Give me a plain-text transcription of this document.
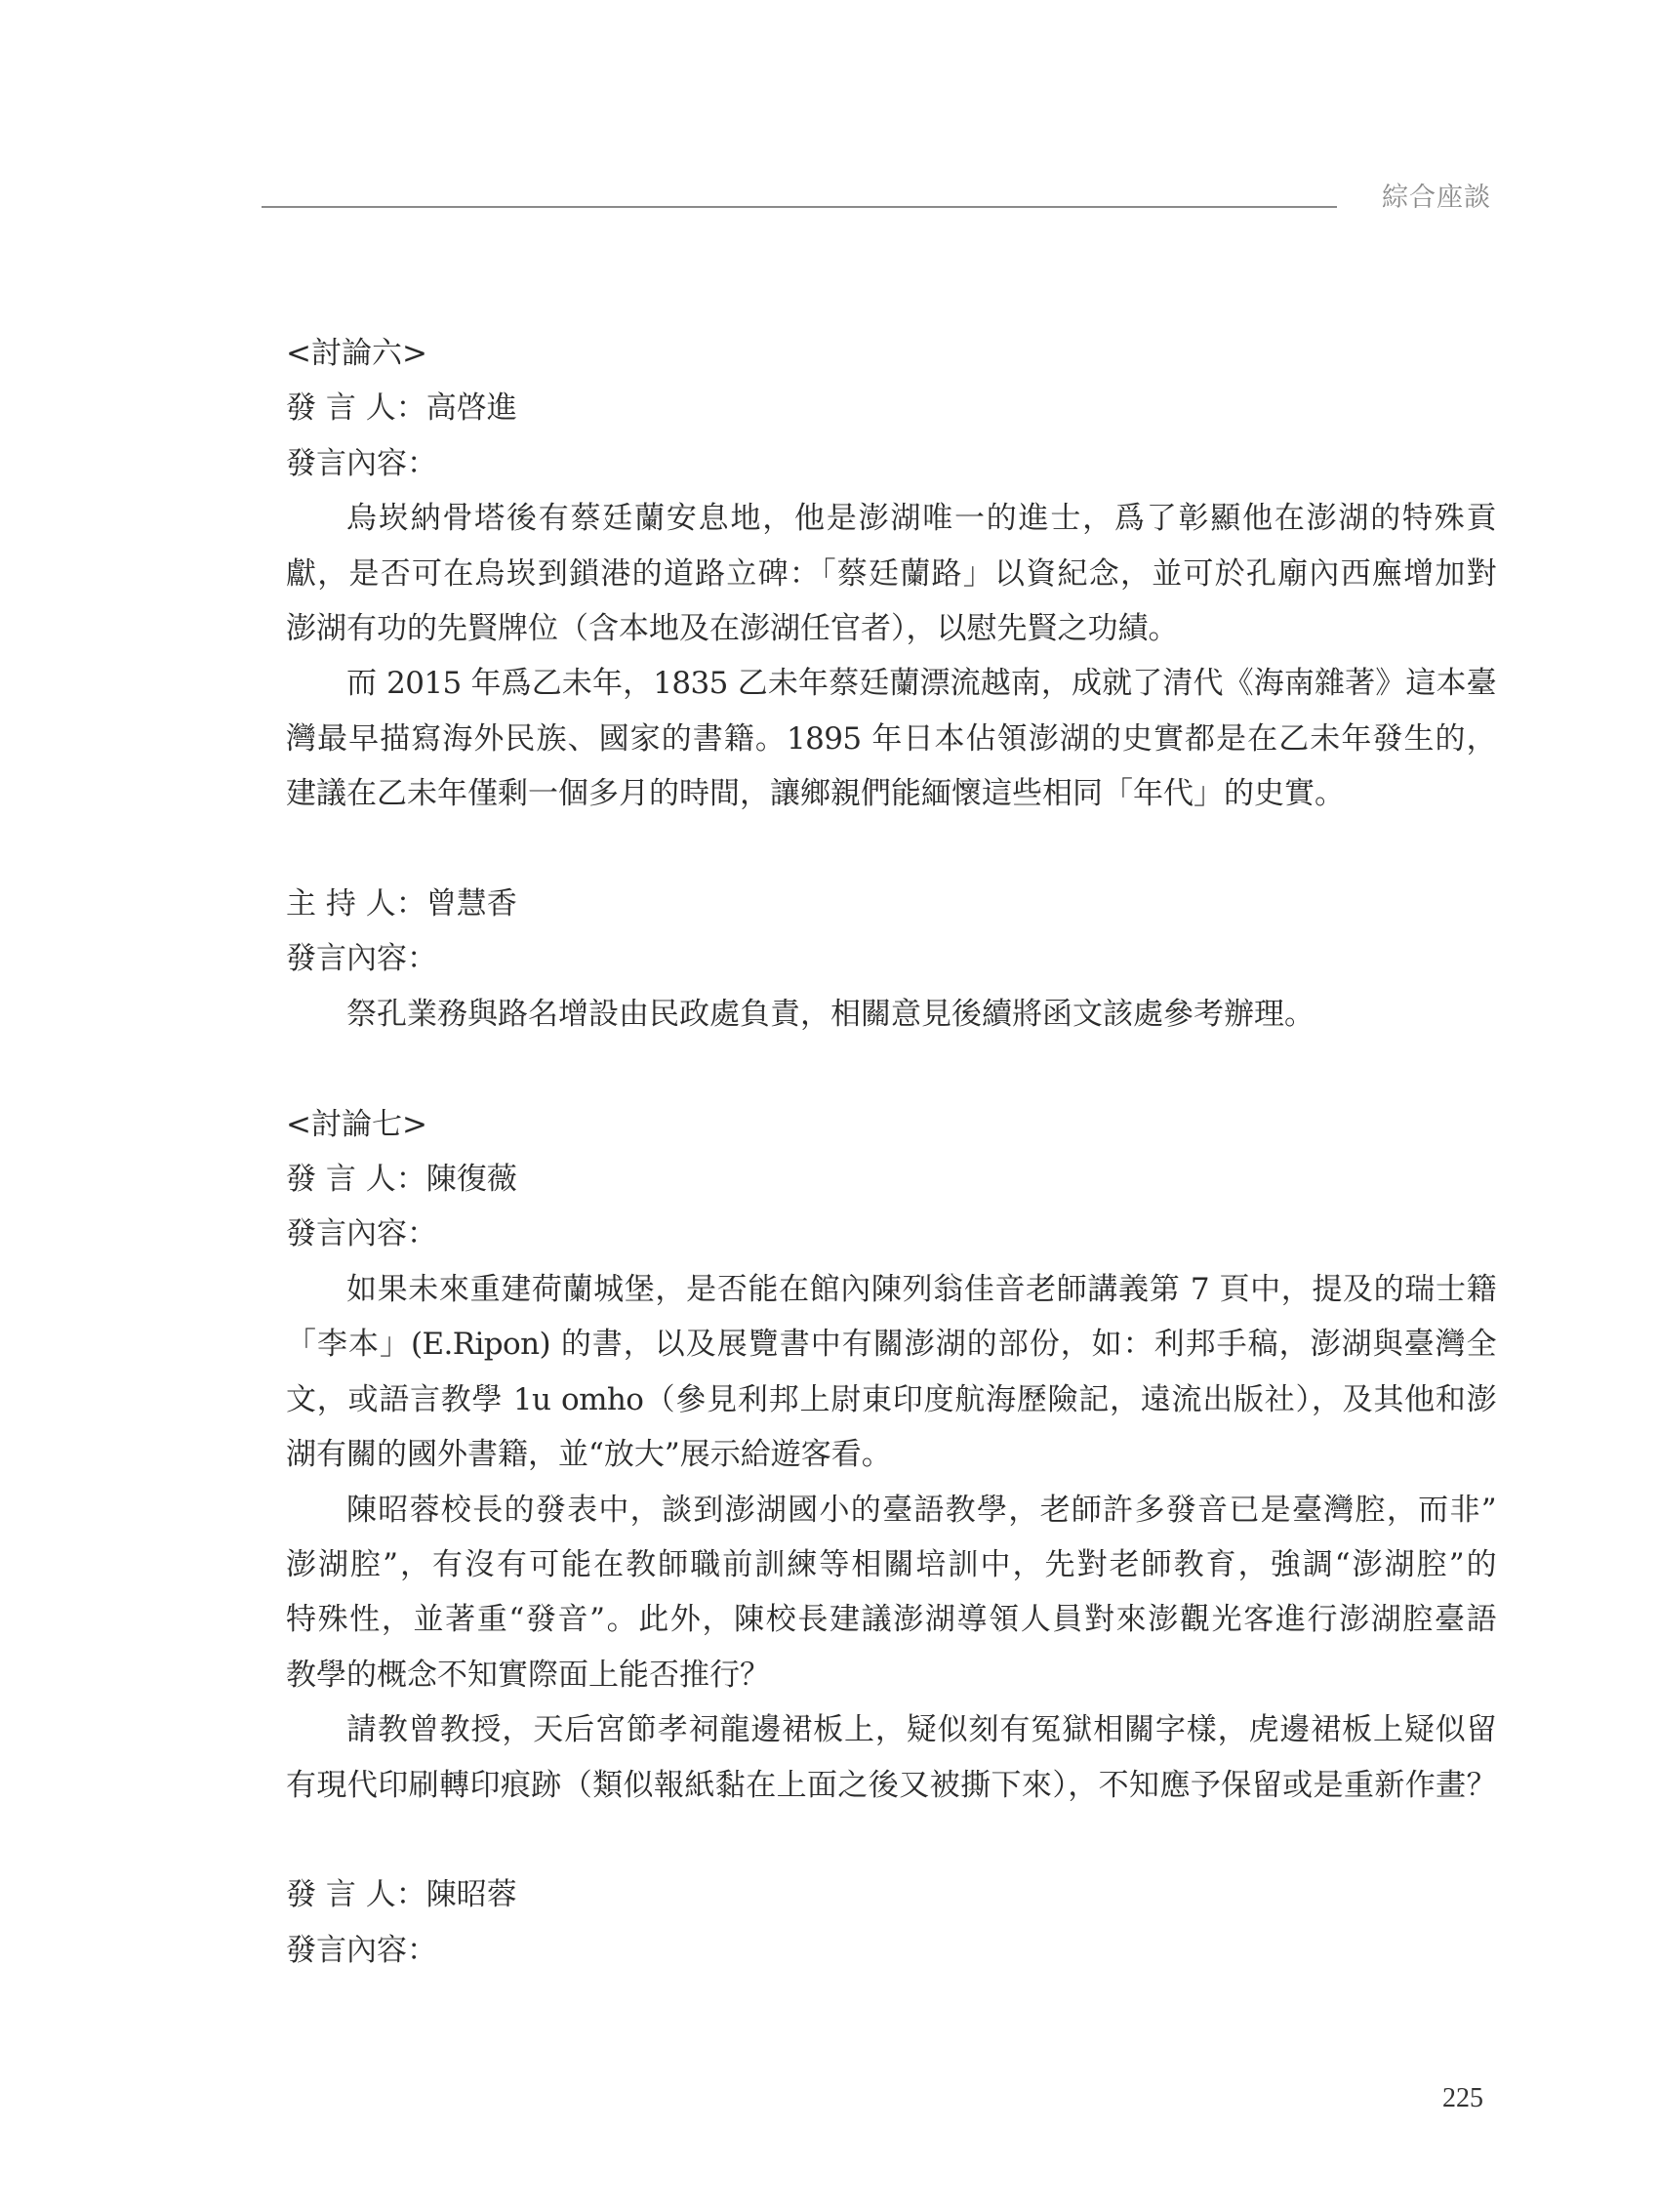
綜合座談
<討論六>
發 言 人：高啓進
發言內容：
烏崁納骨塔後有蔡廷蘭安息地，他是澎湖唯一的進士，爲了彰顯他在澎湖的特殊貢
獻，是否可在烏崁到鎖港的道路立碑：「蔡廷蘭路」以資紀念，並可於孔廟內西廡增加對
澎湖有功的先賢牌位（含本地及在澎湖任官者），以慰先賢之功績。
而 2015 年爲乙未年，1835 乙未年蔡廷蘭漂流越南，成就了清代《海南雜著》這本臺
灣最早描寫海外民族、國家的書籍。1895 年日本佔領澎湖的史實都是在乙未年發生的，
建議在乙未年僅剩一個多月的時間，讓鄉親們能緬懷這些相同「年代」的史實。
主 持 人：曾慧香
發言內容：
祭孔業務與路名增設由民政處負責，相關意見後續將函文該處參考辦理。
<討論七>
發 言 人：陳復薇
發言內容：
如果未來重建荷蘭城堡，是否能在館內陳列翁佳音老師講義第 7 頁中，提及的瑞士籍
「李本」(E.Ripon) 的書，以及展覽書中有關澎湖的部份，如：利邦手稿，澎湖與臺灣全
文，或語言教學 1u omho（參見利邦上尉東印度航海歷險記，遠流出版社），及其他和澎
湖有關的國外書籍，並“放大”展示給遊客看。
陳昭蓉校長的發表中，談到澎湖國小的臺語教學，老師許多發音已是臺灣腔，而非”
澎湖腔”，有沒有可能在教師職前訓練等相關培訓中，先對老師教育，強調“澎湖腔”的
特殊性，並著重“發音”。此外，陳校長建議澎湖導領人員對來澎觀光客進行澎湖腔臺語
教學的概念不知實際面上能否推行？
請教曾教授，天后宮節孝祠龍邊裙板上，疑似刻有冤獄相關字樣，虎邊裙板上疑似留
有現代印刷轉印痕跡（類似報紙黏在上面之後又被撕下來），不知應予保留或是重新作畫？
發 言 人：陳昭蓉
發言內容：
225
